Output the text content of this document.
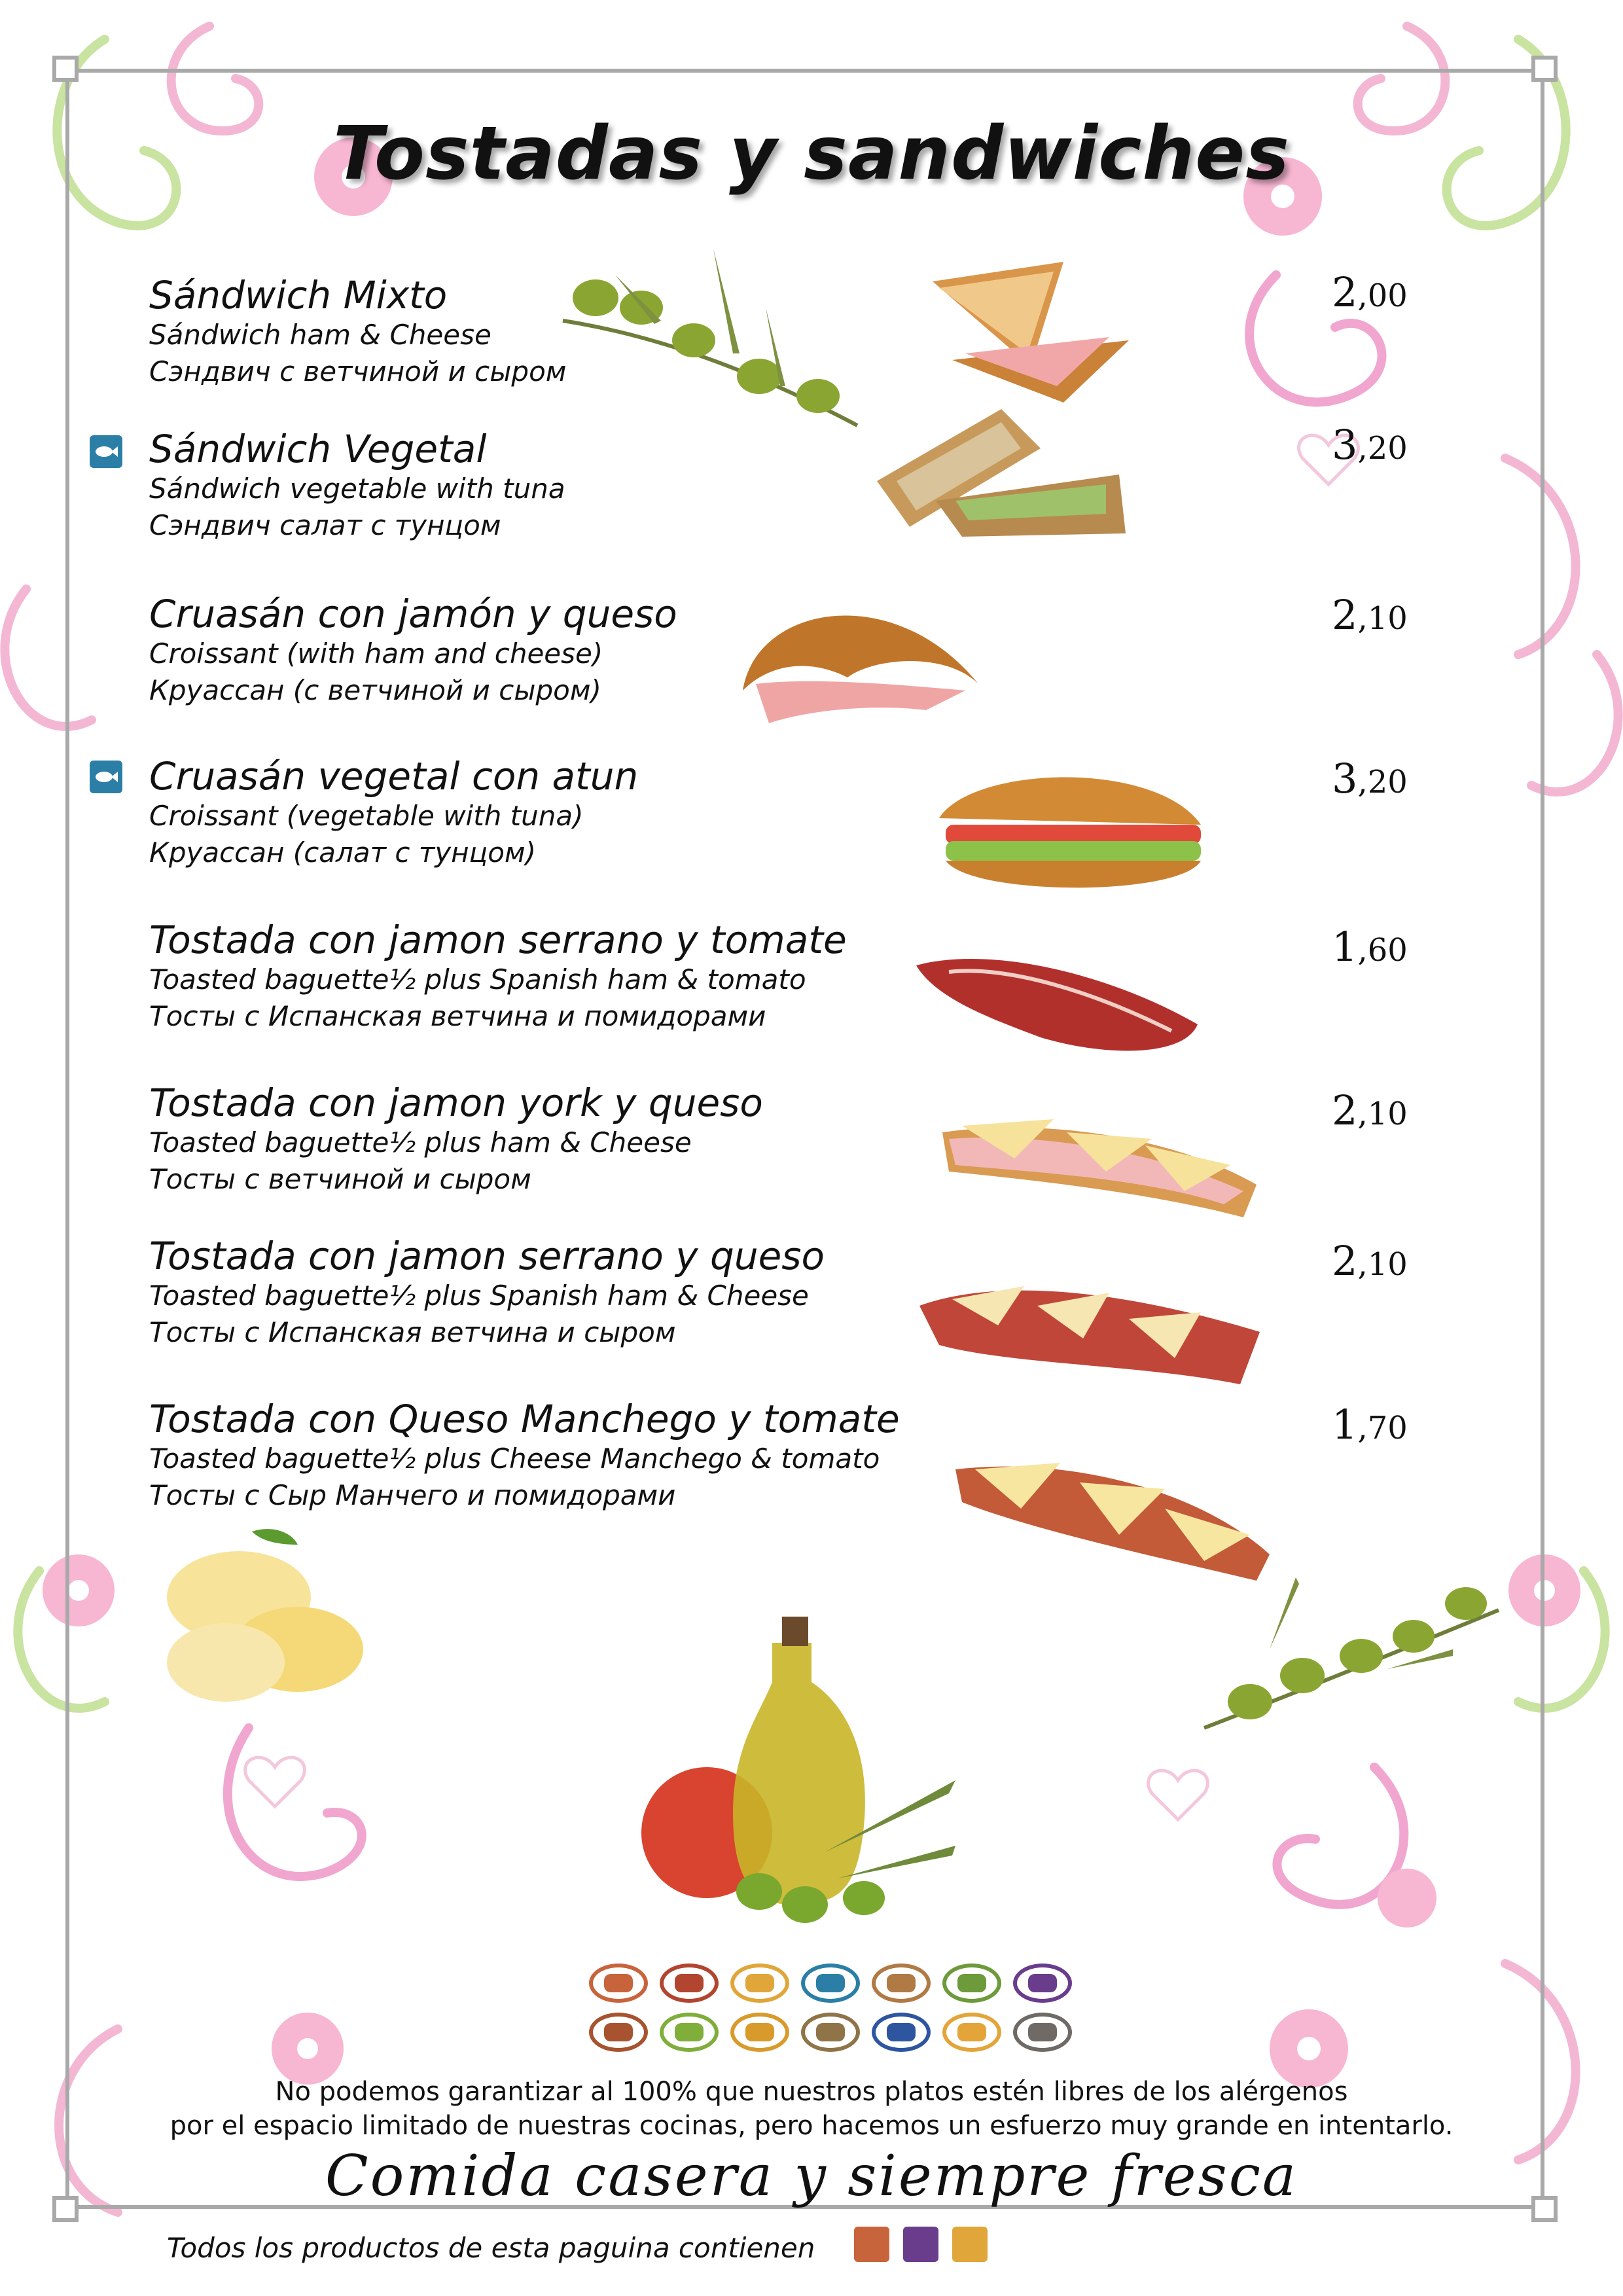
Tostadas y sandwiches
Sándwich Mixto
Sándwich ham & Cheese
Сэндвич с ветчиной и сыром
2,00
Sándwich Vegetal
Sándwich vegetable with tuna
Сэндвич салат с тунцом
3,20
Cruasán con jamón y queso
Croissant (with ham and cheese)
Круассан (с ветчиной и сыром)
2,10
Cruasán vegetal con atun
Croissant (vegetable with tuna)
Круассан (салат с тунцом)
3,20
Tostada con jamon serrano y tomate
Toasted baguette½ plus Spanish ham & tomato
Тосты с Испанская ветчина и помидорами
1,60
Tostada con jamon york y queso
Toasted baguette½ plus ham & Cheese
Тосты с ветчиной и сыром
2,10
Tostada con jamon serrano y queso
Toasted baguette½ plus Spanish ham & Cheese
Тосты с Испанская ветчина и сыром
2,10
Tostada con Queso Manchego y tomate
Toasted baguette½ plus Cheese Manchego & tomato
Тосты с Сыр Манчего и помидорами
1,70
No podemos garantizar al 100% que nuestros platos estén libres de los alérgenos
por el espacio limitado de nuestras cocinas, pero hacemos un esfuerzo muy grande en intentarlo.
Comida casera y siempre fresca
Todos los productos de esta paguina contienen
